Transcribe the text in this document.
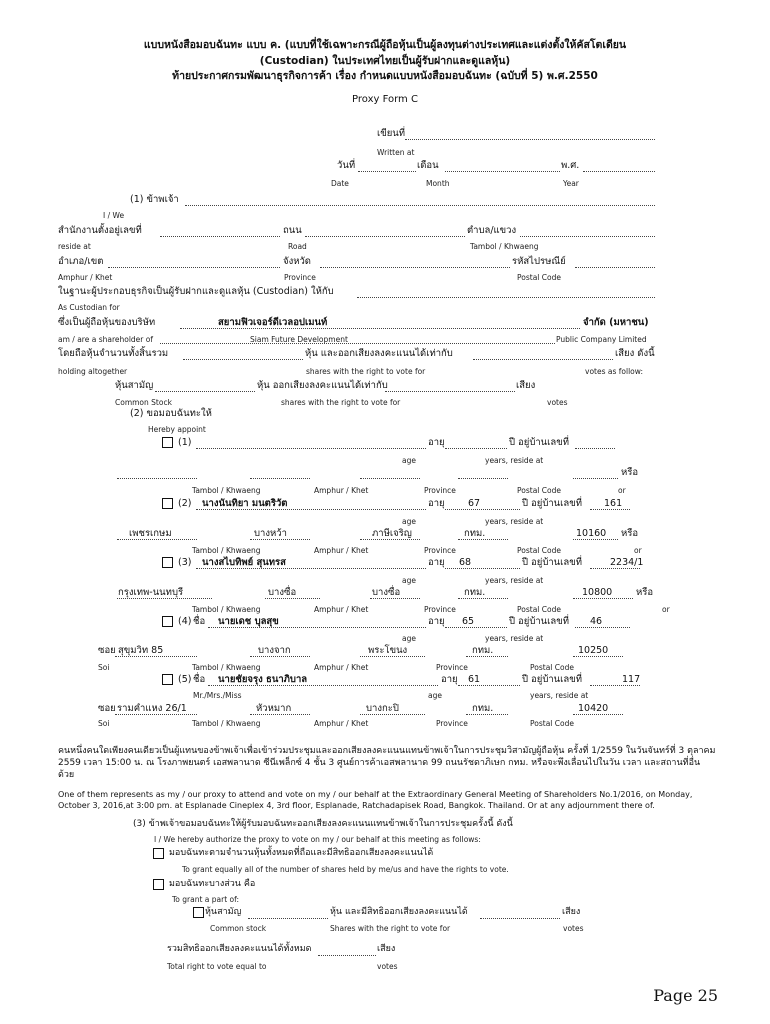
แบบหนังสือมอบฉันทะ แบบ ค. (แบบที่ใช้เฉพาะกรณีผู้ถือหุ้นเป็นผู้ลงทุนต่างประเทศและแต่งตั้งให้คัสโตเดียน
(Custodian) ในประเทศไทยเป็นผู้รับฝากและดูแลหุ้น)
ท้ายประกาศกรมพัฒนาธุรกิจการค้า เรื่อง กำหนดแบบหนังสือมอบฉันทะ (ฉบับที่ 5) พ.ศ.2550
Proxy Form C
เขียนที่
Written at
วันที่	เดือน	พ.ศ.
Date	Month	Year
(1) ข้าพเจ้า
I / We
สำนักงานตั้งอยู่เลขที่	ถนน	ตำบล/แขวง
reside at	Road	Tambol / Khwaeng
อำเภอ/เขต	จังหวัด	รหัสไปรษณีย์
Amphur / Khet	Province	Postal Code
ในฐานะผู้ประกอบธุรกิจเป็นผู้รับฝากและดูแลหุ้น (Custodian) ให้กับ
As Custodian for
ซึ่งเป็นผู้ถือหุ้นของบริษัท	สยามฟิวเจอร์ดีเวลอปเมนท์	จำกัด (มหาชน)
am / are a shareholder of	Siam Future Development	Public Company Limited
โดยถือหุ้นจำนวนทั้งสิ้นรวม	หุ้น และออกเสียงลงคะแนนได้เท่ากับ	เสียง ดังนี้
holding altogether	shares with the right to vote for	votes as follow:
หุ้นสามัญ	หุ้น ออกเสียงลงคะแนนได้เท่ากับ	เสียง
Common Stock	shares with the right to vote for	votes
(2) ขอมอบฉันทะให้
Hereby appoint
(1)	อายุ	ปี อยู่บ้านเลขที่
age	years, reside at
หรือ
Tambol / Khwaeng	Amphur / Khet	Province	Postal Code	or
(2) นางนันทิยา มนตริวัต	อายุ 67	ปี อยู่บ้านเลขที่ 161
age	years, reside at
เพชรเกษม	บางหว้า	ภาษีเจริญ	กทม.	10160 หรือ
Tambol / Khwaeng	Amphur / Khet	Province	Postal Code	or
(3) นางสไบทิพย์ สุนทรส	อายุ 68	ปี อยู่บ้านเลขที่	2234/1
age	years, reside at
กรุงเทพ-นนทบุรี	บางซื่อ	บางซื่อ	กทม.	10800	หรือ
Tambol / Khwaeng	Amphur / Khet	Province	Postal Code	or
(4) ชื่อ นายเดช บุลสุข	อายุ 65	ปี อยู่บ้านเลขที่ 46
age	years, reside at
ซอย สุขุมวิท 85	บางจาก	พระโขนง	กทม.	10250
Soi	Tambol / Khwaeng	Amphur / Khet	Province	Postal Code
(5) ชื่อ นายชัยจรุง ธนาภิบาล	อายุ 61	ปี อยู่บ้านเลขที่	117
Mr./Mrs./Miss	age	years, reside at
ซอย รามคำแหง 26/1	หัวหมาก	บางกะปิ	กทม.	10420
Soi	Tambol / Khwaeng	Amphur / Khet	Province	Postal Code
คนหนึ่งคนใดเพียงคนเดียวเป็นผู้แทนของข้าพเจ้าเพื่อเข้าร่วมประชุมและออกเสียงลงคะแนนแทนข้าพเจ้าในการประชุมวิสามัญผู้ถือหุ้น ครั้งที่ 1/2559 ในวันจันทร์ที่ 3 ตุลาคม 2559 เวลา 15:00 น. ณ โรงภาพยนตร์ เอสพลานาด ซีนีเพล็กซ์ 4 ชั้น 3 ศูนย์การค้าเอสพลานาด 99 ถนนรัชดาภิเษก กทม. หรือจะพึงเลื่อนไปในวัน เวลา และสถานที่อื่นด้วย
One of them represents as my / our proxy to attend and vote on my / our behalf at the Extraordinary General Meeting of Shareholders No.1/2016, on Monday, October 3, 2016,at 3:00 pm. at Esplanade Cineplex 4, 3rd floor, Esplanade, Ratchadapisek Road, Bangkok. Thailand. Or at any adjournment there of.
(3) ข้าพเจ้าขอมอบฉันทะให้ผู้รับมอบฉันทะออกเสียงลงคะแนนแทนข้าพเจ้าในการประชุมครั้งนี้ ดังนี้
I / We hereby authorize the proxy to vote on my / our behalf at this meeting as follows:
มอบฉันทะตามจำนวนหุ้นทั้งหมดที่ถือและมีสิทธิออกเสียงลงคะแนนได้
To grant equally all of the number of shares held by me/us and have the rights to vote.
มอบฉันทะบางส่วน คือ
To grant a part of:
หุ้นสามัญ	หุ้น และมีสิทธิออกเสียงลงคะแนนได้	เสียง
Common stock	Shares with the right to vote for	votes
รวมสิทธิออกเสียงลงคะแนนได้ทั้งหมด	เสียง
Total right to vote equal to	votes
Page 25
